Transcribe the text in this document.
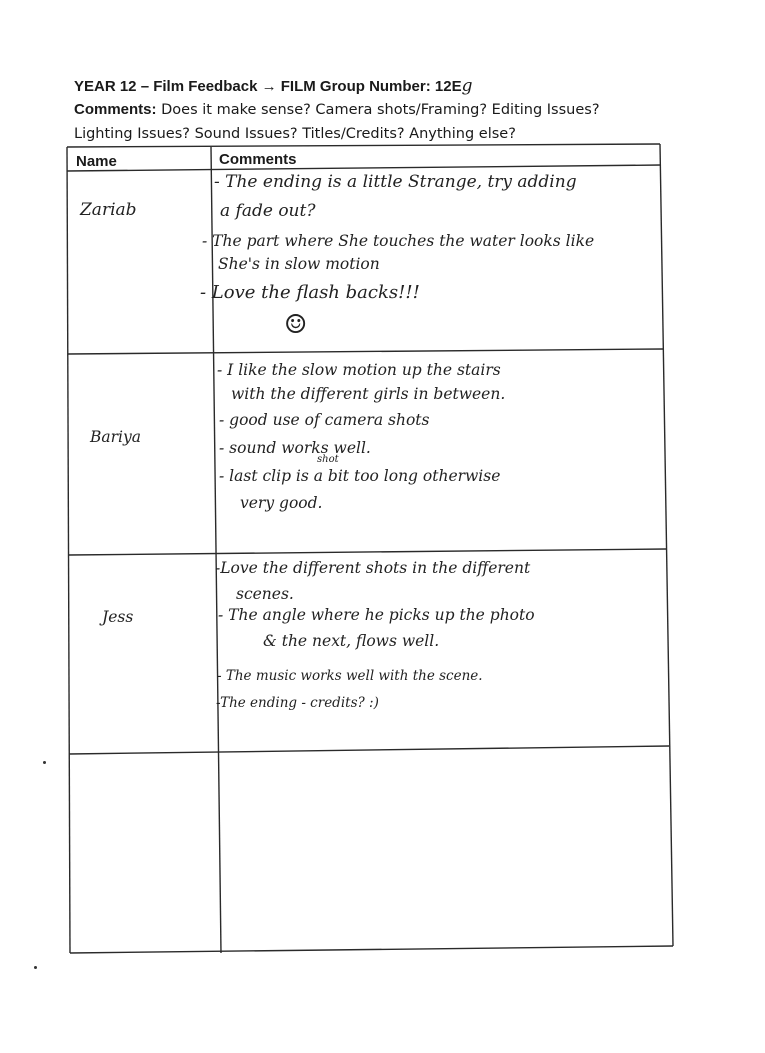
YEAR 12 – Film Feedback → FILM Group Number: 12Eg
Comments: Does it make sense? Camera shots/Framing? Editing Issues?
Lighting Issues? Sound Issues? Titles/Credits? Anything else?
Name	Comments
Zariab
- The ending is a little Strange, try adding
a fade out?
- The part where She touches the water looks like
She's in slow motion
- Love the flash backs!!!
☺
Bariya
- I like the slow motion up the stairs
with the different girls in between.
- good use of camera shots
- sound works well.
shot
- last clip is a bit too long otherwise
very good.
Jess
-Love the different shots in the different
scenes.
- The angle where he picks up the photo
& the next, flows well.
- The music works well with the scene.
-The ending - credits? :)
